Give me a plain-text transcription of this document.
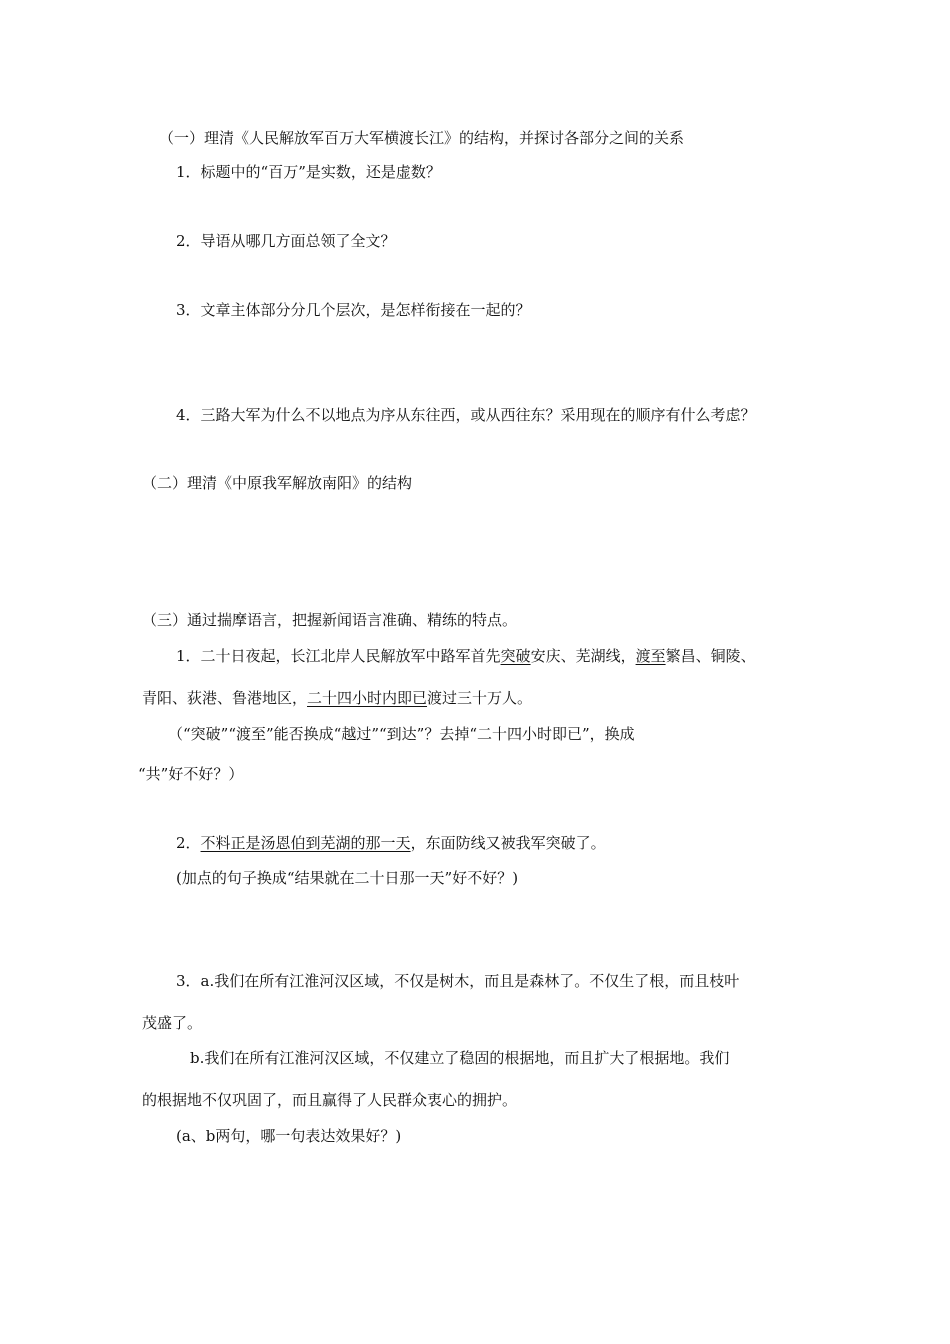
（一）理清《人民解放军百万大军横渡长江》的结构，并探讨各部分之间的关系
1．标题中的“百万”是实数，还是虚数？
2．导语从哪几方面总领了全文？
3．文章主体部分分几个层次，是怎样衔接在一起的？
4．三路大军为什么不以地点为序从东往西，或从西往东？采用现在的顺序有什么考虑？
（二）理清《中原我军解放南阳》的结构
（三）通过揣摩语言，把握新闻语言准确、精练的特点。
1．二十日夜起，长江北岸人民解放军中路军首先突破安庆、芜湖线，渡至繁昌、铜陵、
青阳、荻港、鲁港地区，二十四小时内即已渡过三十万人。
（“突破”“渡至”能否换成“越过”“到达”？去掉“二十四小时即已”，换成
“共”好不好？）
2．不料正是汤恩伯到芜湖的那一天，东面防线又被我军突破了。
(加点的句子换成“结果就在二十日那一天”好不好？)
3．a.我们在所有江淮河汉区域，不仅是树木，而且是森林了。不仅生了根，而且枝叶
茂盛了。
b.我们在所有江淮河汉区域，不仅建立了稳固的根据地，而且扩大了根据地。我们
的根据地不仅巩固了，而且赢得了人民群众衷心的拥护。
(a、b两句，哪一句表达效果好？)
